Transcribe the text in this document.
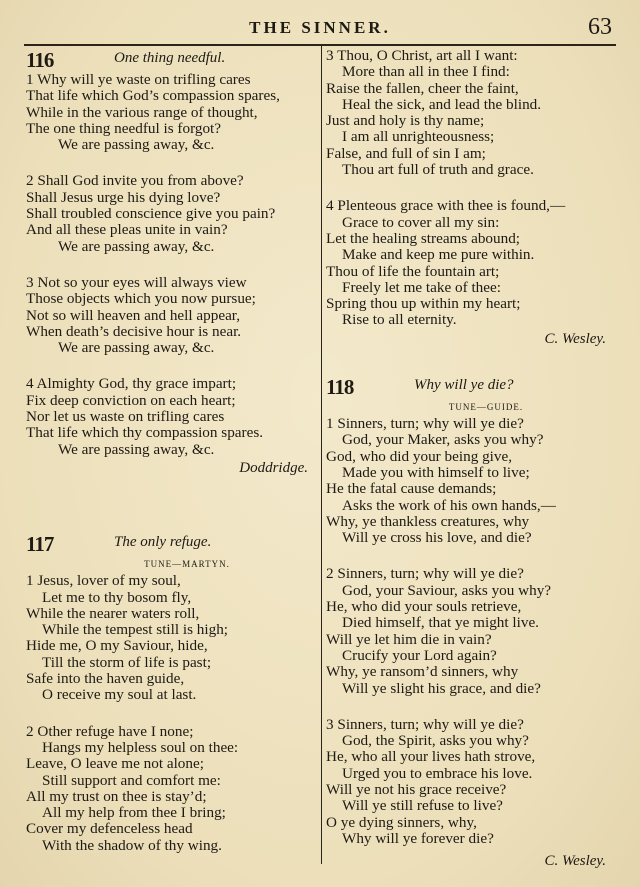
THE SINNER.	63
116	One thing needful.
1 Why will ye waste on trifling cares
That life which God’s compassion spares,
While in the various range of thought,
The one thing needful is forgot?
We are passing away, &c.
2 Shall God invite you from above?
Shall Jesus urge his dying love?
Shall troubled conscience give you pain?
And all these pleas unite in vain?
We are passing away, &c.
3 Not so your eyes will always view
Those objects which you now pursue;
Not so will heaven and hell appear,
When death’s decisive hour is near.
We are passing away, &c.
4 Almighty God, thy grace impart;
Fix deep conviction on each heart;
Nor let us waste on trifling cares
That life which thy compassion spares.
We are passing away, &c.
Doddridge.
117	The only refuge.
TUNE—MARTYN.
1 Jesus, lover of my soul,
Let me to thy bosom fly,
While the nearer waters roll,
While the tempest still is high;
Hide me, O my Saviour, hide,
Till the storm of life is past;
Safe into the haven guide,
O receive my soul at last.
2 Other refuge have I none;
Hangs my helpless soul on thee:
Leave, O leave me not alone;
Still support and comfort me:
All my trust on thee is stay’d;
All my help from thee I bring;
Cover my defenceless head
With the shadow of thy wing.
3 Thou, O Christ, art all I want:
More than all in thee I find:
Raise the fallen, cheer the faint,
Heal the sick, and lead the blind.
Just and holy is thy name;
I am all unrighteousness;
False, and full of sin I am;
Thou art full of truth and grace.
4 Plenteous grace with thee is found,—
Grace to cover all my sin:
Let the healing streams abound;
Make and keep me pure within.
Thou of life the fountain art;
Freely let me take of thee:
Spring thou up within my heart;
Rise to all eternity.
C. Wesley.
118	Why will ye die?
TUNE—GUIDE.
1 Sinners, turn; why will ye die?
God, your Maker, asks you why?
God, who did your being give,
Made you with himself to live;
He the fatal cause demands;
Asks the work of his own hands,—
Why, ye thankless creatures, why
Will ye cross his love, and die?
2 Sinners, turn; why will ye die?
God, your Saviour, asks you why?
He, who did your souls retrieve,
Died himself, that ye might live.
Will ye let him die in vain?
Crucify your Lord again?
Why, ye ransom’d sinners, why
Will ye slight his grace, and die?
3 Sinners, turn; why will ye die?
God, the Spirit, asks you why?
He, who all your lives hath strove,
Urged you to embrace his love.
Will ye not his grace receive?
Will ye still refuse to live?
O ye dying sinners, why,
Why will ye forever die?
C. Wesley.
